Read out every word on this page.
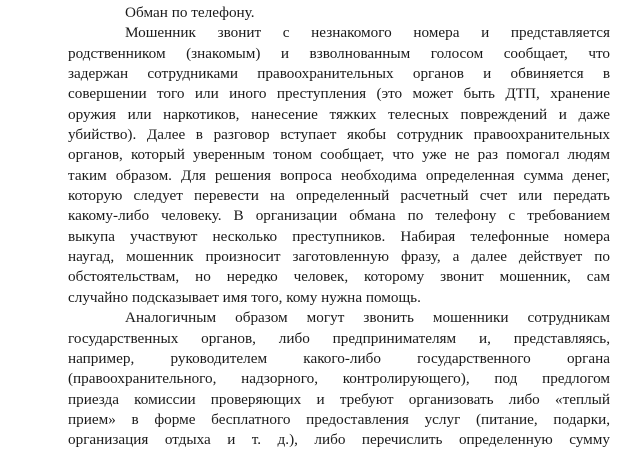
Обман по телефону.
Мошенник звонит с незнакомого номера и представляется
родственником (знакомым) и взволнованным голосом сообщает, что
задержан сотрудниками правоохранительных органов и обвиняется в
совершении того или иного преступления (это может быть ДТП, хранение
оружия или наркотиков, нанесение тяжких телесных повреждений и даже
убийство). Далее в разговор вступает якобы сотрудник правоохранительных
органов, который уверенным тоном сообщает, что уже не раз помогал людям
таким образом. Для решения вопроса необходима определенная сумма денег,
которую следует перевести на определенный расчетный счет или передать
какому-либо человеку. В организации обмана по телефону с требованием
выкупа участвуют несколько преступников. Набирая телефонные номера
наугад, мошенник произносит заготовленную фразу, а далее действует по
обстоятельствам, но нередко человек, которому звонит мошенник, сам
случайно подсказывает имя того, кому нужна помощь.
Аналогичным образом могут звонить мошенники сотрудникам
государственных органов, либо предпринимателям и, представляясь,
например, руководителем какого-либо государственного органа
(правоохранительного, надзорного, контролирующего), под предлогом
приезда комиссии проверяющих и требуют организовать либо «теплый
прием» в форме бесплатного предоставления услуг (питание, подарки,
организация отдыха и т. д.), либо перечислить определенную сумму
